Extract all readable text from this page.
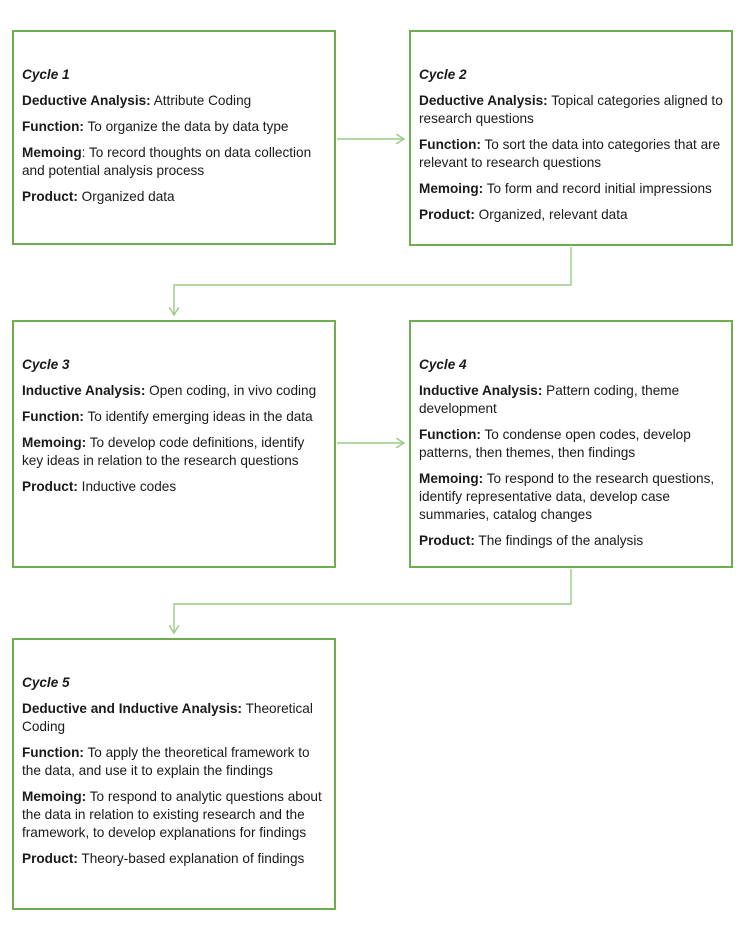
Cycle 1
Deductive Analysis: Attribute Coding
Function: To organize the data by data type
Memoing: To record thoughts on data collection and potential analysis process
Product: Organized data
Cycle 2
Deductive Analysis: Topical categories aligned to research questions
Function: To sort the data into categories that are relevant to research questions
Memoing: To form and record initial impressions
Product: Organized, relevant data
Cycle 3
Inductive Analysis: Open coding, in vivo coding
Function: To identify emerging ideas in the data
Memoing: To develop code definitions, identify key ideas in relation to the research questions
Product: Inductive codes
Cycle 4
Inductive Analysis: Pattern coding, theme development
Function: To condense open codes, develop patterns, then themes, then findings
Memoing: To respond to the research questions, identify representative data, develop case summaries, catalog changes
Product: The findings of the analysis
Cycle 5
Deductive and Inductive Analysis: Theoretical Coding
Function: To apply the theoretical framework to the data, and use it to explain the findings
Memoing: To respond to analytic questions about the data in relation to existing research and the framework, to develop explanations for findings
Product: Theory-based explanation of findings
